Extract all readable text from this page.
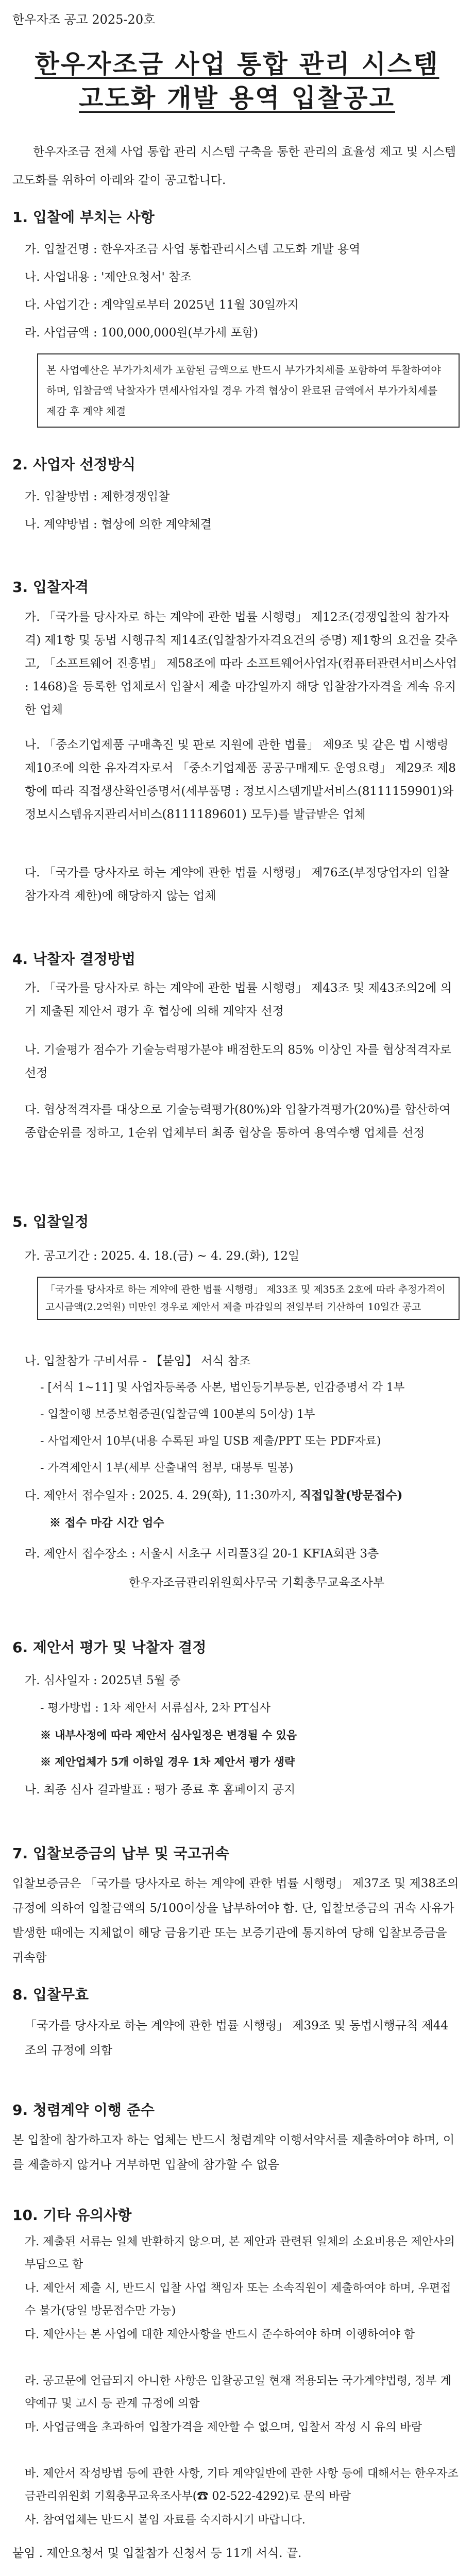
한우자조 공고 2025-20호
한우자조금 사업 통합 관리 시스템
고도화 개발 용역 입찰공고
한우자조금 전체 사업 통합 관리 시스템 구축을 통한 관리의 효율성 제고 및 시스템 고도화를 위하여 아래와 같이 공고합니다.
1. 입찰에 부치는 사항
가. 입찰건명 : 한우자조금 사업 통합관리시스템 고도화 개발 용역
나. 사업내용 : '제안요청서' 참조
다. 사업기간 : 계약일로부터 2025년 11월 30일까지
라. 사업금액 : 100,000,000원(부가세 포함)
본 사업예산은 부가가치세가 포함된 금액으로 반드시 부가가치세를 포함하여 투찰하여야 하며, 입찰금액 낙찰자가 면세사업자일 경우 가격 협상이 완료된 금액에서 부가가치세를 제감 후 계약 체결
2. 사업자 선정방식
가. 입찰방법 : 제한경쟁입찰
나. 계약방법 : 협상에 의한 계약체결
3. 입찰자격
가. 「국가를 당사자로 하는 계약에 관한 법률 시행령」 제12조(경쟁입찰의 참가자격) 제1항 및 동법 시행규칙 제14조(입찰참가자격요건의 증명) 제1항의 요건을 갖추고, 「소프트웨어 진흥법」 제58조에 따라 소프트웨어사업자(컴퓨터관련서비스사업 : 1468)을 등록한 업체로서 입찰서 제출 마감일까지 해당 입찰참가자격을 계속 유지한 업체
나. 「중소기업제품 구매촉진 및 판로 지원에 관한 법률」 제9조 및 같은 법 시행령 제10조에 의한 유자격자로서 「중소기업제품 공공구매제도 운영요령」 제29조 제8항에 따라 직접생산확인증명서(세부품명 : 정보시스템개발서비스(8111159901)와 정보시스템유지관리서비스(8111189601) 모두)를 발급받은 업체
다. 「국가를 당사자로 하는 계약에 관한 법률 시행령」 제76조(부정당업자의 입찰참가자격 제한)에 해당하지 않는 업체
4. 낙찰자 결정방법
가. 「국가를 당사자로 하는 계약에 관한 법률 시행령」 제43조 및 제43조의2에 의거 제출된 제안서 평가 후 협상에 의해 계약자 선정
나. 기술평가 점수가 기술능력평가분야 배점한도의 85% 이상인 자를 협상적격자로 선정
다. 협상적격자를 대상으로 기술능력평가(80%)와 입찰가격평가(20%)를 합산하여 종합순위를 정하고, 1순위 업체부터 최종 협상을 통하여 용역수행 업체를 선정
5. 입찰일정
가. 공고기간 : 2025. 4. 18.(금) ~ 4. 29.(화), 12일
「국가를 당사자로 하는 계약에 관한 법률 시행령」 제33조 및 제35조 2호에 따라 추정가격이 고시금액(2.2억원) 미만인 경우로 제안서 제출 마감일의 전일부터 기산하여 10일간 공고
나. 입찰참가 구비서류 - 【붙임】 서식 참조
- [서식 1~11] 및 사업자등록증 사본, 법인등기부등본, 인감증명서 각 1부
- 입찰이행 보증보험증권(입찰금액 100분의 5이상) 1부
- 사업제안서 10부(내용 수록된 파일 USB 제출/PPT 또는 PDF자료)
- 가격제안서 1부(세부 산출내역 첨부, 대봉투 밀봉)
다. 제안서 접수일자 : 2025. 4. 29(화), 11:30까지, 직접입찰(방문접수)
※ 접수 마감 시간 엄수
라. 제안서 접수장소 : 서울시 서초구 서리풀3길 20-1 KFIA회관 3층
한우자조금관리위원회사무국 기획총무교육조사부
6. 제안서 평가 및 낙찰자 결정
가. 심사일자 : 2025년 5월 중
- 평가방법 : 1차 제안서 서류심사, 2차 PT심사
※ 내부사정에 따라 제안서 심사일정은 변경될 수 있음
※ 제안업체가 5개 이하일 경우 1차 제안서 평가 생략
나. 최종 심사 결과발표 : 평가 종료 후 홈페이지 공지
7. 입찰보증금의 납부 및 국고귀속
입찰보증금은 「국가를 당사자로 하는 계약에 관한 법률 시행령」 제37조 및 제38조의 규정에 의하여 입찰금액의 5/100이상을 납부하여야 함. 단, 입찰보증금의 귀속 사유가 발생한 때에는 지체없이 해당 금융기관 또는 보증기관에 통지하여 당해 입찰보증금을 귀속함
8. 입찰무효
「국가를 당사자로 하는 계약에 관한 법률 시행령」 제39조 및 동법시행규칙 제44조의 규정에 의함
9. 청렴계약 이행 준수
본 입찰에 참가하고자 하는 업체는 반드시 청렴계약 이행서약서를 제출하여야 하며, 이를 제출하지 않거나 거부하면 입찰에 참가할 수 없음
10. 기타 유의사항
가. 제출된 서류는 일체 반환하지 않으며, 본 제안과 관련된 일체의 소요비용은 제안사의 부담으로 함
나. 제안서 제출 시, 반드시 입찰 사업 책임자 또는 소속직원이 제출하여야 하며, 우편접수 불가(당일 방문접수만 가능)
다. 제안사는 본 사업에 대한 제안사항을 반드시 준수하여야 하며 이행하여야 함
라. 공고문에 언급되지 아니한 사항은 입찰공고일 현재 적용되는 국가계약법령, 정부 계약예규 및 고시 등 관계 규정에 의함
마. 사업금액을 초과하여 입찰가격을 제안할 수 없으며, 입찰서 작성 시 유의 바람
바. 제안서 작성방법 등에 관한 사항, 기타 계약일반에 관한 사항 등에 대해서는 한우자조금관리위원회 기획총무교육조사부(☎ 02-522-4292)로 문의 바람
사. 참여업체는 반드시 붙임 자료를 숙지하시기 바랍니다.
붙임 . 제안요청서 및 입찰참가 신청서 등 11개 서식. 끝.
